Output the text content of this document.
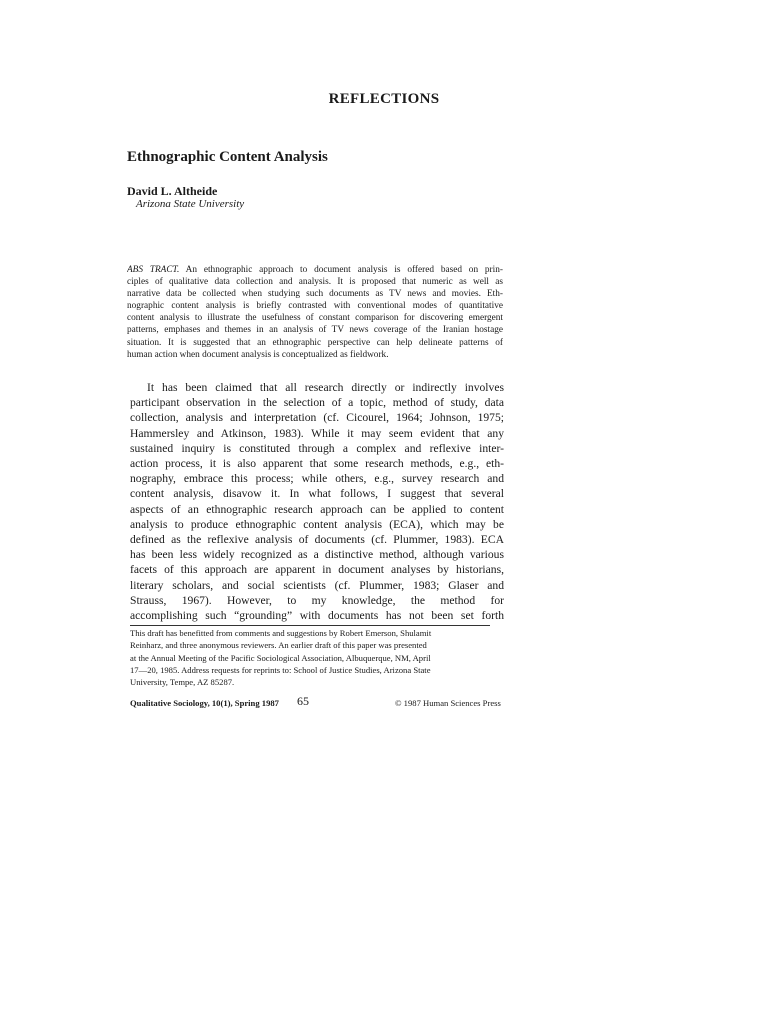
REFLECTIONS
Ethnographic Content Analysis
David L. Altheide
Arizona State University
ABS TRACT. An ethnographic approach to document analysis is offered based on prin-
ciples of qualitative data collection and analysis. It is proposed that numeric as well as
narrative data be collected when studying such documents as TV news and movies. Eth-
nographic content analysis is briefly contrasted with conventional modes of quantitative
content analysis to illustrate the usefulness of constant comparison for discovering emergent
patterns, emphases and themes in an analysis of TV news coverage of the Iranian hostage
situation. It is suggested that an ethnographic perspective can help delineate patterns of
human action when document analysis is conceptualized as fieldwork.
It has been claimed that all research directly or indirectly involves
participant observation in the selection of a topic, method of study, data
collection, analysis and interpretation (cf. Cicourel, 1964; Johnson, 1975;
Hammersley and Atkinson, 1983). While it may seem evident that any
sustained inquiry is constituted through a complex and reflexive inter-
action process, it is also apparent that some research methods, e.g., eth-
nography, embrace this process; while others, e.g., survey research and
content analysis, disavow it. In what follows, I suggest that several
aspects of an ethnographic research approach can be applied to content
analysis to produce ethnographic content analysis (ECA), which may be
defined as the reflexive analysis of documents (cf. Plummer, 1983). ECA
has been less widely recognized as a distinctive method, although various
facets of this approach are apparent in document analyses by historians,
literary scholars, and social scientists (cf. Plummer, 1983; Glaser and
Strauss, 1967). However, to my knowledge, the method for
accomplishing such “grounding” with documents has not been set forth
This draft has benefitted from comments and suggestions by Robert Emerson, Shulamit
Reinharz, and three anonymous reviewers. An earlier draft of this paper was presented
at the Annual Meeting of the Pacific Sociological Association, Albuquerque, NM, April
17—20, 1985. Address requests for reprints to: School of Justice Studies, Arizona State
University, Tempe, AZ 85287.
Qualitative Sociology, 10(1), Spring 1987 65	© 1987 Human Sciences Press
